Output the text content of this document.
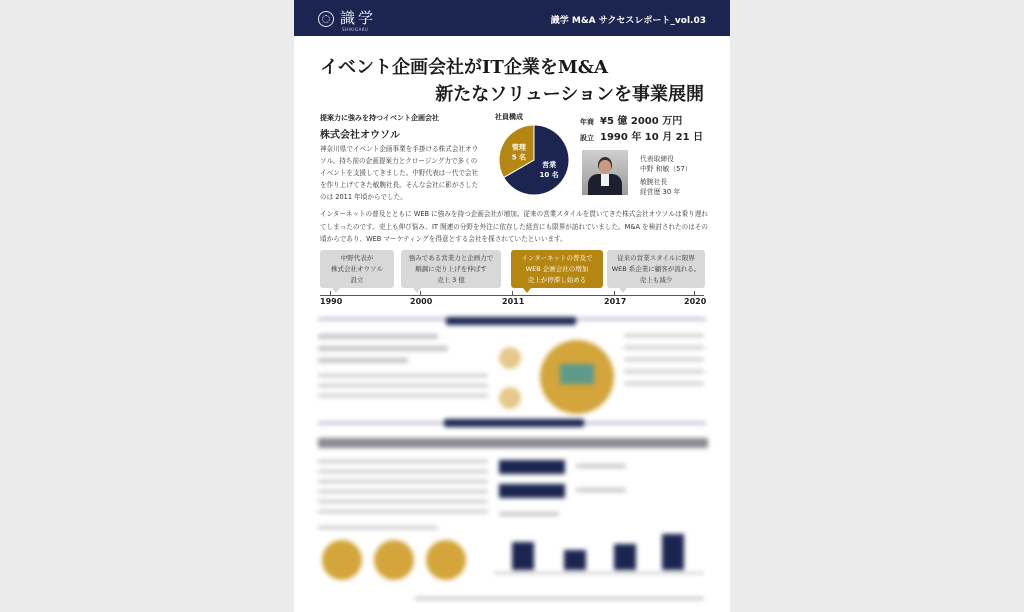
識学
SHIKIGAKU
識学 M&A サクセスレポート_vol.03
イベント企画会社がIT企業をM&A
新たなソリューションを事業展開
提案力に強みを持つイベント企画会社
株式会社オウソル
神奈川県でイベント企画事業を手掛ける株式会社オウソル。持ち前の企画提案力とクロージング力で多くのイベントを支援してきました。中野代表は一代で会社を作り上げてきた敏腕社長。そんな会社に影がさしたのは 2011 年頃からでした。
社員構成
営業
10 名
管理
5 名
年商 ¥5 億 2000 万円
設立 1990 年 10 月 21 日
代表取締役
中野 和敏（57）
敏腕社長
経営歴 30 年
インターネットの普及とともに WEB に強みを持つ企画会社が増加。従来の営業スタイルを貫いてきた株式会社オウソルは乗り遅れてしまったのです。売上も伸び悩み、IT 関連の分野を外注に依存した経営にも限界が訪れていました。M&A を検討されたのはその頃からであり、WEB マーケティングを得意とする会社を探されていたといいます。
中野代表が
株式会社オウソル
設立
強みである営業力と企画力で
順調に売り上げを伸ばす
売上 3 億
インターネットの普及で
WEB 企画会社の増加
売上が停滞し始める
従来の営業スタイルに限界
WEB 系企業に顧客が流れる。
売上も減少
1990	2000	2011	2017	2020
